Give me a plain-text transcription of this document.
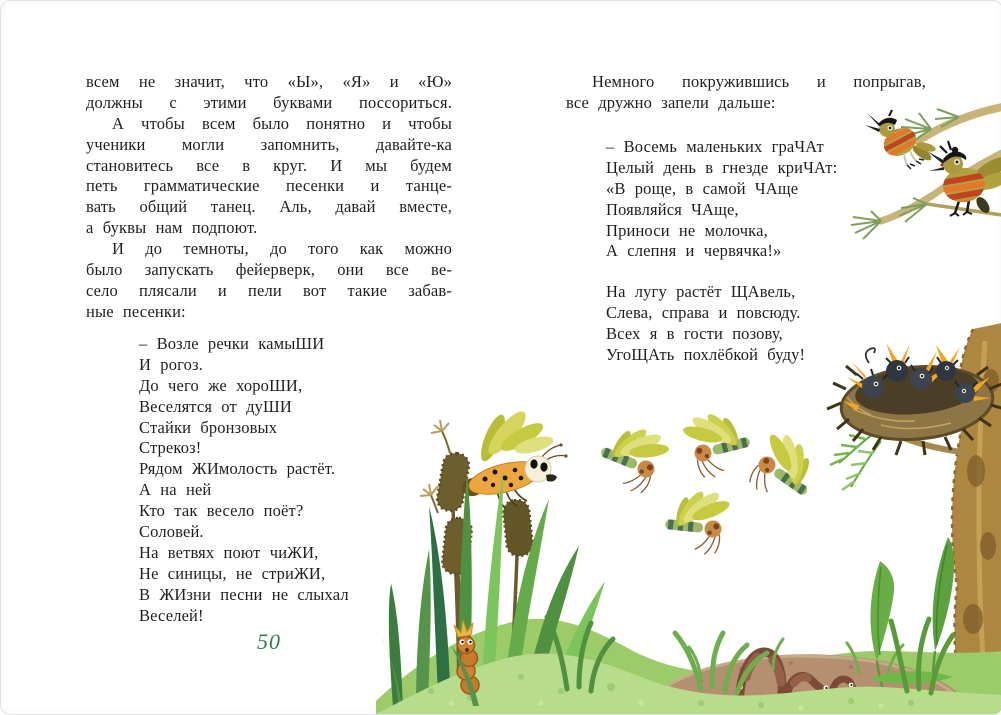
всем не значит, что «Ы», «Я» и «Ю»
должны с этими буквами поссориться.
А чтобы всем было понятно и чтобы
ученики могли запомнить, давайте-ка
становитесь все в круг. И мы будем
петь грамматические песенки и танце-
вать общий танец. Аль, давай вместе,
а буквы нам подпоют.
И до темноты, до того как можно
было запускать фейерверк, они все ве-
село плясали и пели вот такие забав-
ные песенки:
– Возле речки камыШИ
И рогоз.
До чего же хороШИ,
Веселятся от дуШИ
Стайки бронзовых
Стрекоз!
Рядом ЖИмолость растёт.
А на ней
Кто так весело поёт?
Соловей.
На ветвях поют чиЖИ,
Не синицы, не стриЖИ,
В ЖИзни песни не слыхал
Веселей!
50
Немного покружившись и попрыгав,
все дружно запели дальше:
– Восемь маленьких граЧАт
Целый день в гнезде криЧАт:
«В роще, в самой ЧАще
Появляйся ЧАще,
Приноси не молочка,
А слепня и червячка!»
На лугу растёт ЩАвель,
Слева, справа и повсюду.
Всех я в гости позову,
УгоЩАть похлёбкой буду!
